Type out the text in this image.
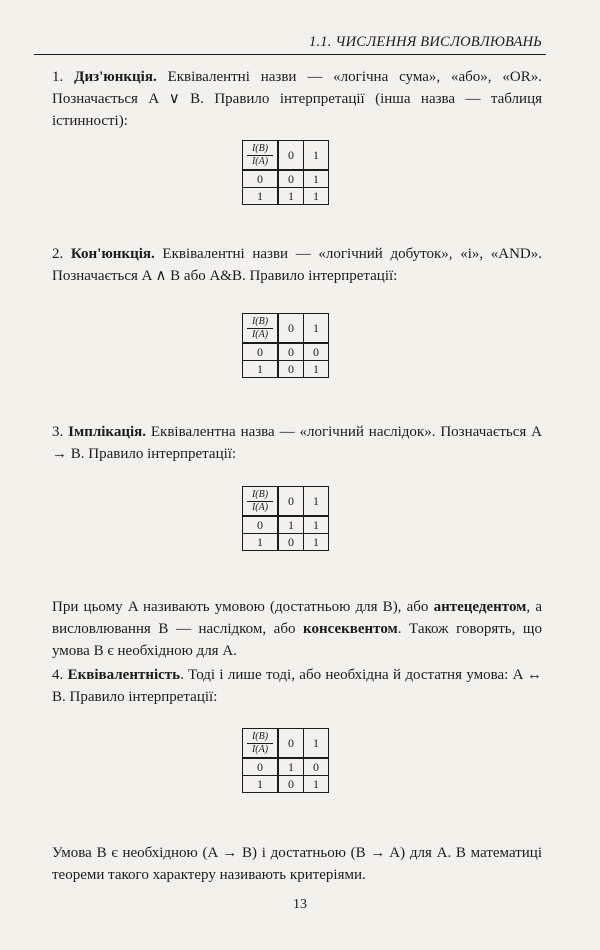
1.1. ЧИСЛЕННЯ ВИСЛОВЛЮВАНЬ
1. Диз'юнкція. Еквівалентні назви — «логічна сума», «або», «OR». Позначається A ∨ B. Правило інтерпретації (інша назва — таблиця істинності):
I(B)
I(A)	0	1
0	0	1
1	1	1
2. Кон'юнкція. Еквівалентні назви — «логічний добуток», «і», «AND». Позначається A ∧ B або A&B. Правило інтерпретації:
I(B)
I(A)	0	1
0	0	0
1	0	1
3. Імплікація. Еквівалентна назва — «логічний наслідок». Позначається A → B. Правило інтерпретації:
I(B)
I(A)	0	1
0	1	1
1	0	1
При цьому A називають умовою (достатньою для B), або антецедентом, а висловлювання B — наслідком, або консеквентом. Також говорять, що умова B є необхідною для A.
4. Еквівалентність. Тоді і лише тоді, або необхідна й достатня умова: A ↔ B. Правило інтерпретації:
I(B)
I(A)	0	1
0	1	0
1	0	1
Умова B є необхідною (A → B) і достатньою (B → A) для A. В математиці теореми такого характеру називають критеріями.
13
